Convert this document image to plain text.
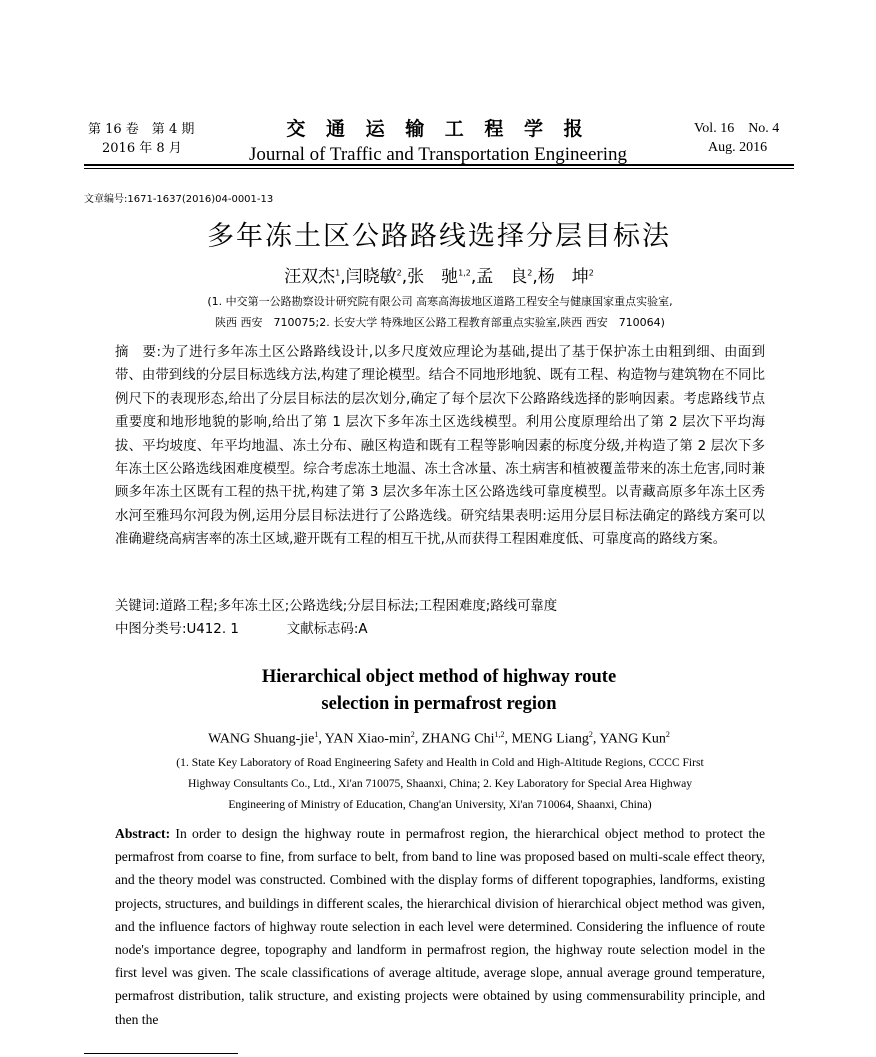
第 16 卷　第 4 期
2016 年 8 月
交 通 运 输 工 程 学 报
Journal of Traffic and Transportation Engineering
Vol. 16　No. 4
Aug. 2016
文章编号:1671-1637(2016)04-0001-13
多年冻土区公路路线选择分层目标法
汪双杰$^1$,闫晓敏$^2$,张　驰$^{1,2}$,孟　良$^2$,杨　坤$^2$
(1. 中交第一公路勘察设计研究院有限公司 高寒高海拔地区道路工程安全与健康国家重点实验室,
陕西 西安　710075;2. 长安大学 特殊地区公路工程教育部重点实验室,陕西 西安　710064)
摘　要:为了进行多年冻土区公路路线设计,以多尺度效应理论为基础,提出了基于保护冻土由粗到细、由面到带、由带到线的分层目标选线方法,构建了理论模型。结合不同地形地貌、既有工程、构造物与建筑物在不同比例尺下的表现形态,给出了分层目标法的层次划分,确定了每个层次下公路路线选择的影响因素。考虑路线节点重要度和地形地貌的影响,给出了第 1 层次下多年冻土区选线模型。利用公度原理给出了第 2 层次下平均海拔、平均坡度、年平均地温、冻土分布、融区构造和既有工程等影响因素的标度分级,并构造了第 2 层次下多年冻土区公路选线困难度模型。综合考虑冻土地温、冻土含冰量、冻土病害和植被覆盖带来的冻土危害,同时兼顾多年冻土区既有工程的热干扰,构建了第 3 层次多年冻土区公路选线可靠度模型。以青藏高原多年冻土区秀水河至雅玛尔河段为例,运用分层目标法进行了公路选线。研究结果表明:运用分层目标法确定的路线方案可以准确避绕高病害率的冻土区域,避开既有工程的相互干扰,从而获得工程困难度低、可靠度高的路线方案。
关键词:道路工程;多年冻土区;公路选线;分层目标法;工程困难度;路线可靠度
中图分类号:U412. 1	文献标志码:A
Hierarchical object method of highway route
selection in permafrost region
WANG Shuang-jie$^1$, YAN Xiao-$\min^2$, ZHANG Chi$^{1,2}$, MENG Liang$^2$, YANG Kun$^2$
(1. State Key Laboratory of Road Engineering Safety and Health in Cold and High-Altitude Regions, CCCC First
Highway Consultants Co., Ltd., Xi'an 710075, Shaanxi, China; 2. Key Laboratory for Special Area Highway
Engineering of Ministry of Education, Chang'an University, Xi'an 710064, Shaanxi, China)
Abstract: In order to design the highway route in permafrost region, the hierarchical object method to protect the permafrost from coarse to fine, from surface to belt, from band to line was proposed based on multi-scale effect theory, and the theory model was constructed. Combined with the display forms of different topographies, landforms, existing projects, structures, and buildings in different scales, the hierarchical division of hierarchical object method was given, and the influence factors of highway route selection in each level were determined. Considering the influence of route node's importance degree, topography and landform in permafrost region, the highway route selection model in the first level was given. The scale classifications of average altitude, average slope, annual average ground temperature, permafrost distribution, talik structure, and existing projects were obtained by using commensurability principle, and then the
